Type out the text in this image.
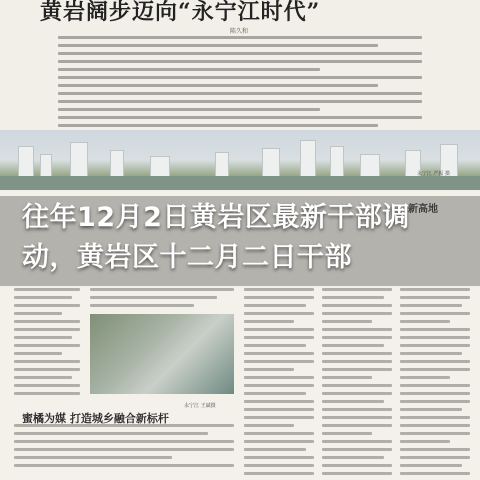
黄岩阔步迈向“永宁江时代”
陈久和
永宁江 严振 摄
新高地
永宁江 王斌摄
蜜橘为媒 打造城乡融合新标杆
往年12月2日黄岩区最新干部调动，黄岩区十二月二日干部
